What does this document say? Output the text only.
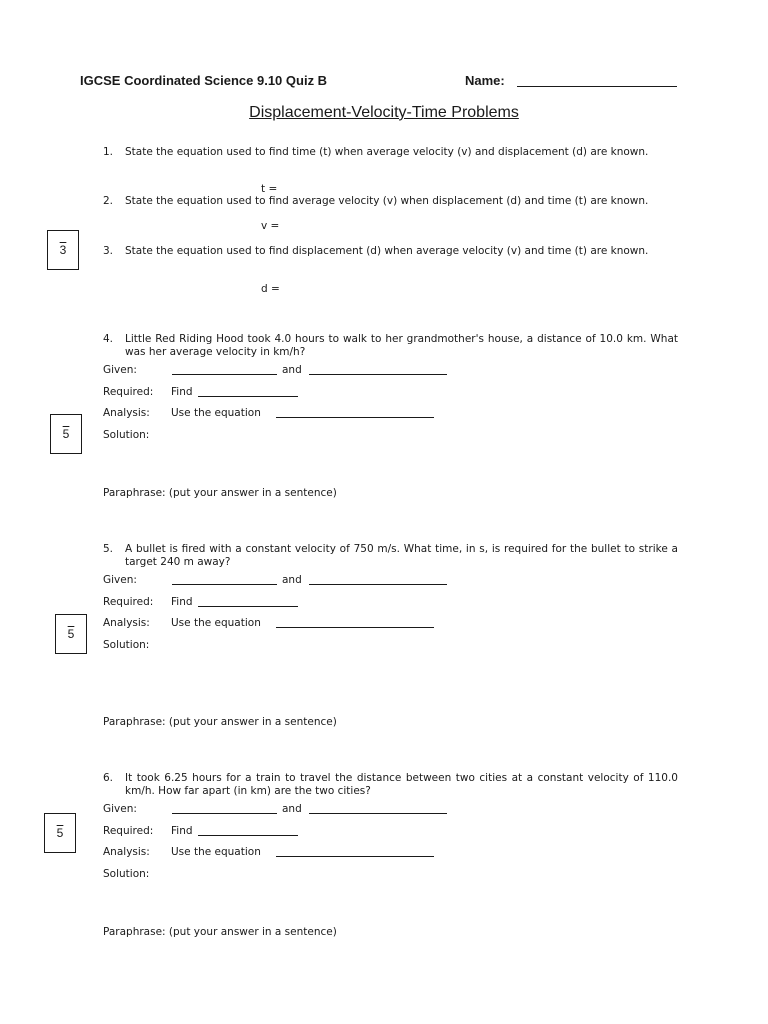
IGCSE Coordinated Science 9.10 Quiz B	Name:
Displacement-Velocity-Time Problems
3
5
5
5
1. State the equation used to find time (t) when average velocity (v) and displacement (d) are known.
t =
2. State the equation used to find average velocity (v) when displacement (d) and time (t) are known.
v =
3. State the equation used to find displacement (d) when average velocity (v) and time (t) are known.
d =
4. Little Red Riding Hood took 4.0 hours to walk to her grandmother's house, a distance of 10.0 km. What was her average velocity in km/h?
Given:	and
Required: Find
Analysis: Use the equation
Solution:
Paraphrase: (put your answer in a sentence)
5. A bullet is fired with a constant velocity of 750 m/s. What time, in s, is required for the bullet to strike a target 240 m away?
Given:	and
Required: Find
Analysis: Use the equation
Solution:
Paraphrase: (put your answer in a sentence)
6. It took 6.25 hours for a train to travel the distance between two cities at a constant velocity of 110.0 km/h. How far apart (in km) are the two cities?
Given:	and
Required: Find
Analysis: Use the equation
Solution:
Paraphrase: (put your answer in a sentence)
